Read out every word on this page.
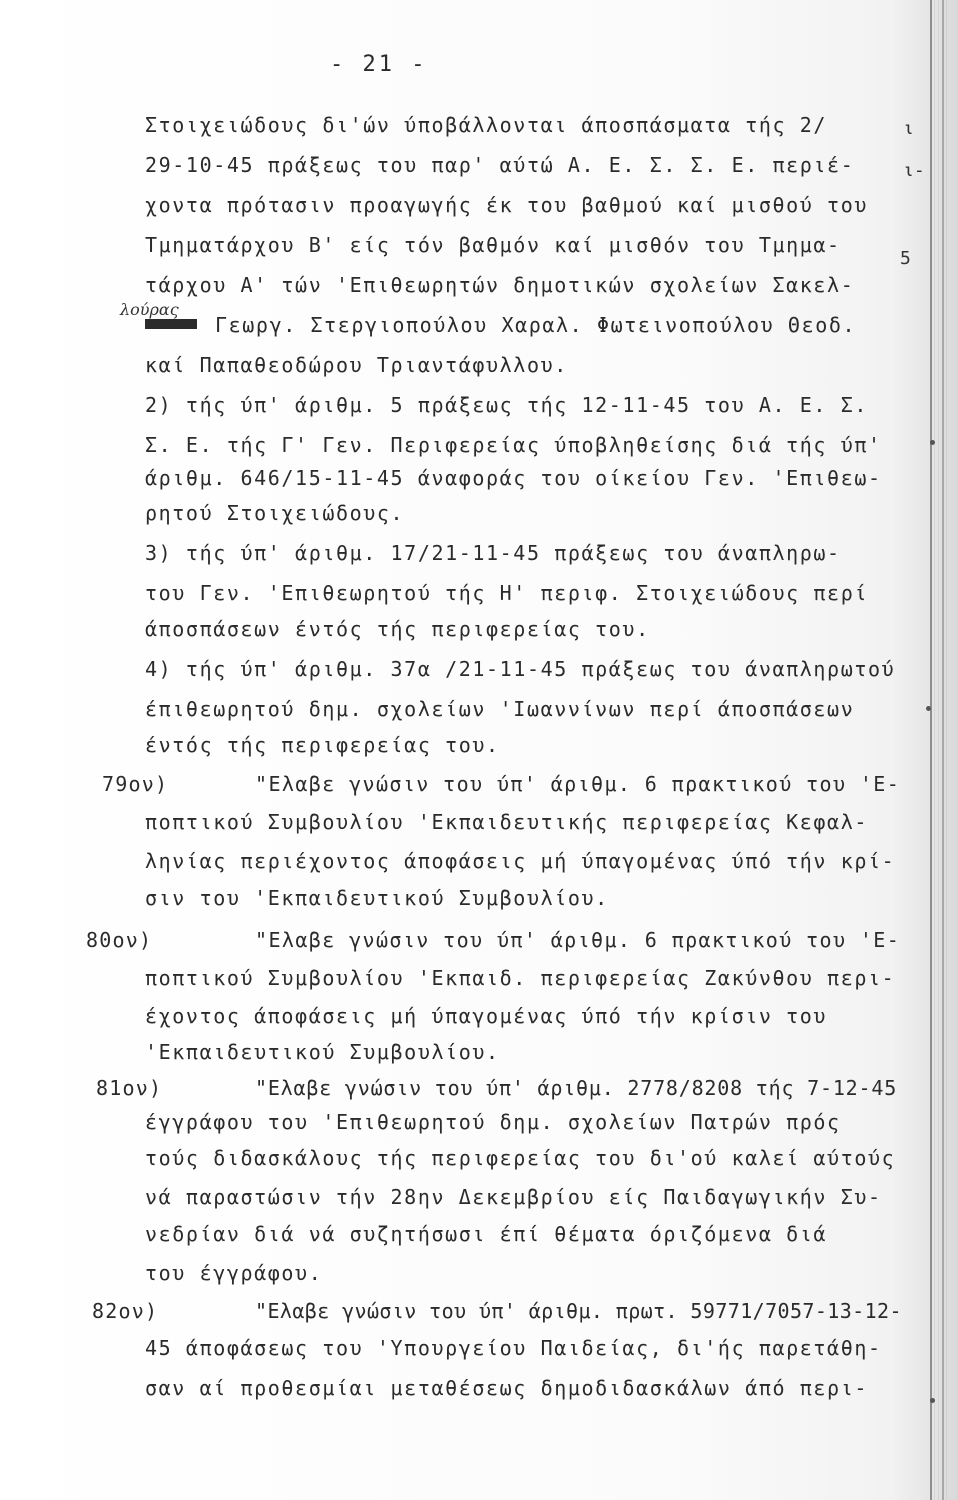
- 21 -
ι
ι-
5
λούρας
Στοιχειώδους δι'ών ύποβάλλονται άποσπάσματα τής 2/
29-10-45 πράξεως του παρ' αύτώ Α. Ε. Σ. Σ. Ε. περιέ-
χοντα πρότασιν προαγωγής έκ του βαθμού καί μισθού του
Τμηματάρχου Β' είς τόν βαθμόν καί μισθόν του Τμημα-
τάρχου Α' τών 'Επιθεωρητών δημοτικών σχολείων Σακελ-
Γεωργ. Στεργιοπούλου Χαραλ. Φωτεινοπούλου Θεοδ.
καί Παπαθεοδώρου Τριαντάφυλλου.
2) τής ύπ' άριθμ. 5 πράξεως τής 12-11-45 του Α. Ε. Σ.
Σ. Ε. τής Γ' Γεν. Περιφερείας ύποβληθείσης διά τής ύπ'
άριθμ. 646/15-11-45 άναφοράς του οίκείου Γεν. 'Επιθεω-
ρητού Στοιχειώδους.
3) τής ύπ' άριθμ. 17/21-11-45 πράξεως του άναπληρω-
του Γεν. 'Επιθεωρητού τής Η' περιφ. Στοιχειώδους περί
άποσπάσεων έντός τής περιφερείας του.
4) τής ύπ' άριθμ. 37α /21-11-45 πράξεως του άναπληρωτού
έπιθεωρητού δημ. σχολείων 'Ιωαννίνων περί άποσπάσεων
έντός τής περιφερείας του.
79ον)	"Ελαβε γνώσιν του ύπ' άριθμ. 6 πρακτικού του 'Ε-
ποπτικού Συμβουλίου 'Εκπαιδευτικής περιφερείας Κεφαλ-
ληνίας περιέχοντος άποφάσεις μή ύπαγομένας ύπό τήν κρί-
σιν του 'Εκπαιδευτικού Συμβουλίου.
80ον)	"Ελαβε γνώσιν του ύπ' άριθμ. 6 πρακτικού του 'Ε-
ποπτικού Συμβουλίου 'Εκπαιδ. περιφερείας Ζακύνθου περι-
έχοντος άποφάσεις μή ύπαγομένας ύπό τήν κρίσιν του
'Εκπαιδευτικού Συμβουλίου.
81ον)	"Ελαβε γνώσιν του ύπ' άριθμ. 2778/8208 τής 7-12-45
έγγράφου του 'Επιθεωρητού δημ. σχολείων Πατρών πρός
τούς διδασκάλους τής περιφερείας του δι'ού καλεί αύτούς
νά παραστώσιν τήν 28ην Δεκεμβρίου είς Παιδαγωγικήν Συ-
νεδρίαν διά νά συζητήσωσι έπί θέματα όριζόμενα διά
του έγγράφου.
82ον)	"Ελαβε γνώσιν του ύπ' άριθμ. πρωτ. 59771/7057-13-12-
45 άποφάσεως του 'Υπουργείου Παιδείας, δι'ής παρετάθη-
σαν αί προθεσμίαι μεταθέσεως δημοδιδασκάλων άπό περι-
